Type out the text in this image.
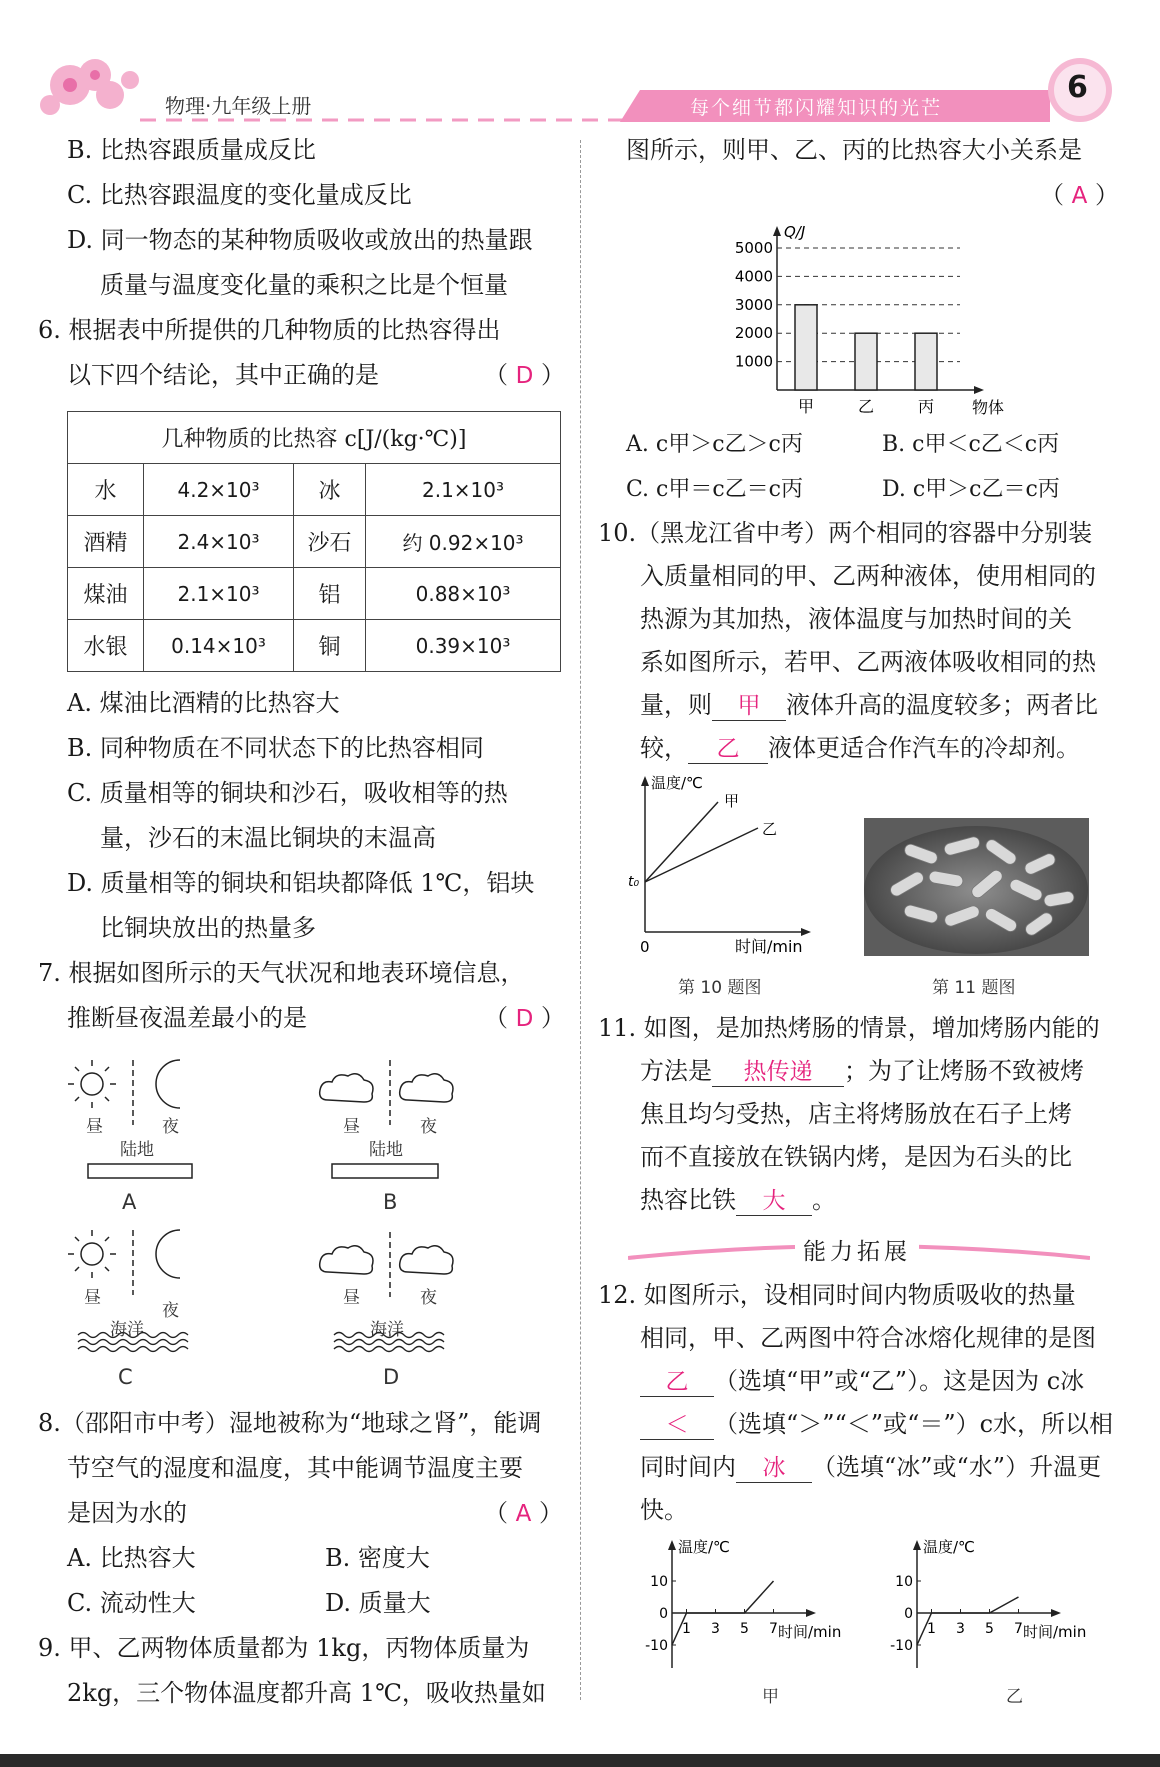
物理·九年级上册	每个细节都闪耀知识的光芒
6
B. 比热容跟质量成反比
C. 比热容跟温度的变化量成反比
D. 同一物态的某种物质吸收或放出的热量跟
质量与温度变化量的乘积之比是个恒量
6. 根据表中所提供的几种物质的比热容得出
以下四个结论，其中正确的是	（ D ）
几种物质的比热容 c[J/(kg·℃)]			
水	4.2×10³	冰	2.1×10³
酒精	2.4×10³	沙石	约 0.92×10³
煤油	2.1×10³	铝	0.88×10³
水银	0.14×10³	铜	0.39×10³
A. 煤油比酒精的比热容大
B. 同种物质在不同状态下的比热容相同
C. 质量相等的铜块和沙石，吸收相等的热
量，沙石的末温比铜块的末温高
D. 质量相等的铜块和铝块都降低 1℃，铝块
比铜块放出的热量多
7. 根据如图所示的天气状况和地表环境信息，
推断昼夜温差最小的是	（ D ）
昼	夜
陆地
A
昼	夜
陆地
B
昼
夜
海洋
C
昼	夜
海洋
D
8.（邵阳市中考）湿地被称为“地球之肾”，能调
节空气的湿度和温度，其中能调节温度主要
是因为水的	（ A ）
A. 比热容大	B. 密度大
C. 流动性大	D. 质量大
9. 甲、乙两物体质量都为 1kg，丙物体质量为
2kg，三个物体温度都升高 1℃，吸收热量如
图所示，则甲、乙、丙的比热容大小关系是
（ A ）
1000
2000
3000
4000
5000
甲	乙	丙
Q/J
物体
A. c甲＞c乙＞c丙	B. c甲＜c乙＜c丙
C. c甲＝c乙＝c丙	D. c甲＞c乙＝c丙
10.（黑龙江省中考）两个相同的容器中分别装
入质量相同的甲、乙两种液体，使用相同的
热源为其加热，液体温度与加热时间的关
系如图所示，若甲、乙两液体吸收相同的热
量，则 甲 液体升高的温度较多；两者比
较， 乙 液体更适合作汽车的冷却剂。
温度/℃
时间/min
甲
乙
t₀
0
第 10 题图	第 11 题图
11. 如图，是加热烤肠的情景，增加烤肠内能的
方法是 热传递 ；为了让烤肠不致被烤
焦且均匀受热，店主将烤肠放在石子上烤
而不直接放在铁锅内烤，是因为石头的比
热容比铁 大 。
能力拓展
12. 如图所示，设相同时间内物质吸收的热量
相同，甲、乙两图中符合冰熔化规律的是图
乙 （选填“甲”或“乙”）。这是因为 c冰
＜ （选填“＞”“＜”或“＝”）c水，所以相
同时间内 冰 （选填“冰”或“水”）升温更
快。
温度/℃
时间/min
10
0
-10
1 3 5 7
温度/℃
时间/min
10
0
-10
1 3 5 7
甲	乙
